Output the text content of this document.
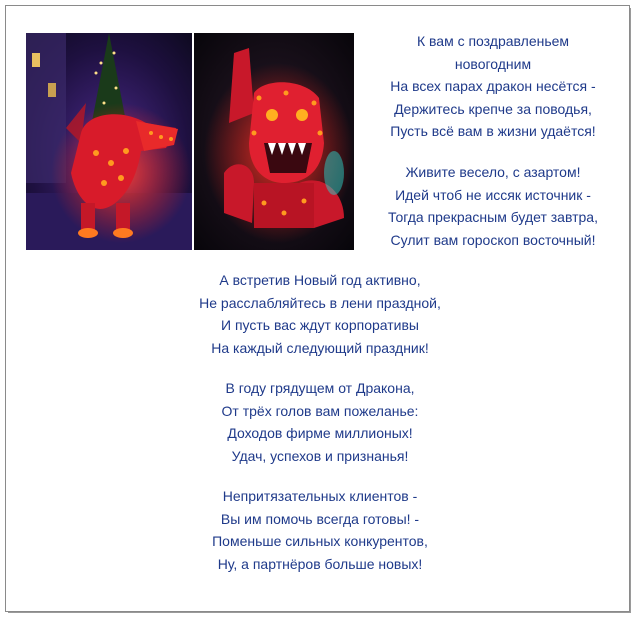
К вам с поздравленьем
новогодним
На всех парах дракон несётся -
Держитесь крепче за поводья,
Пусть всё вам в жизни удаётся!
Живите весело, с азартом!
Идей чтоб не иссяк источник -
Тогда прекрасным будет завтра,
Сулит вам гороскоп восточный!
А встретив Новый год активно,
Не расслабляйтесь в лени праздной,
И пусть вас ждут корпоративы
На каждый следующий праздник!
В году грядущем от Дракона,
От трёх голов вам пожеланье:
Доходов фирме миллионых!
Удач, успехов и признанья!
Непритязательных клиентов -
Вы им помочь всегда готовы! -
Поменьше сильных конкурентов,
Ну, а партнёров больше новых!
